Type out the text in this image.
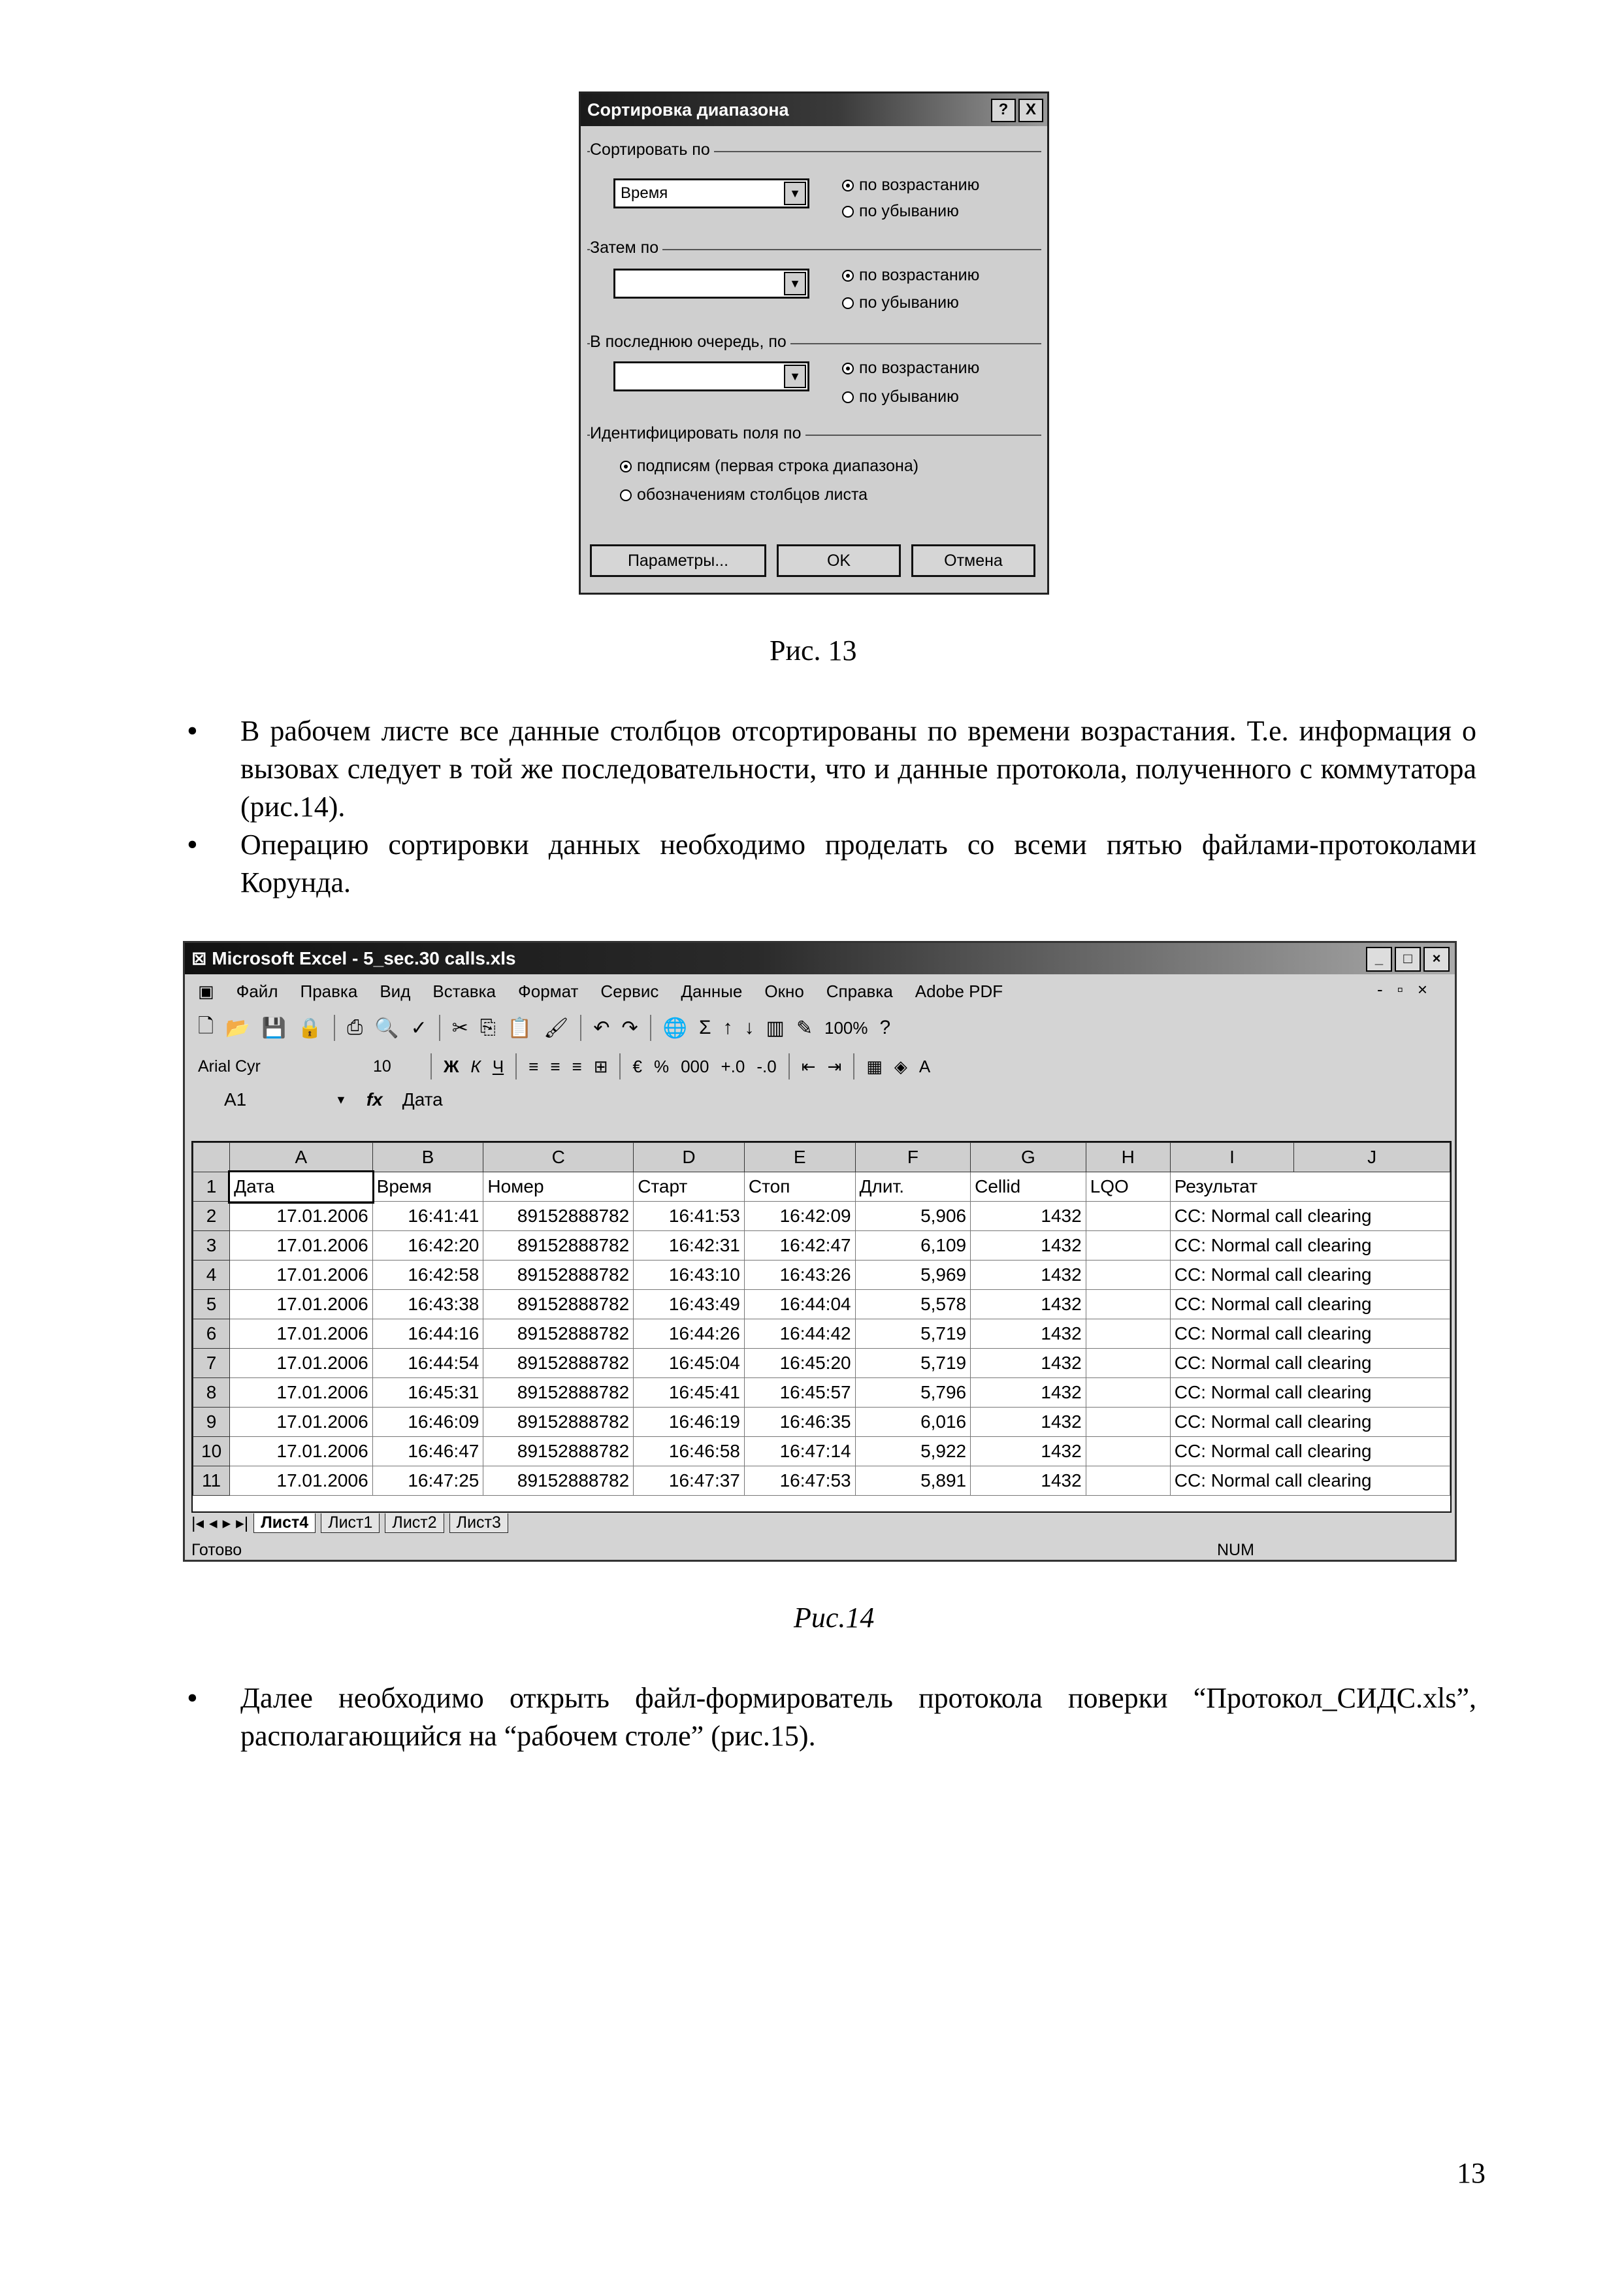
Сортировка диапазона	?	X
Сортировать по
Время	▼	по возрастанию
по убыванию
Затем по
▼	по возрастанию
по убыванию
В последнюю очередь, по
▼	по возрастанию
по убыванию
Идентифицировать поля по
подписям (первая строка диапазона)
обозначениям столбцов листа
Параметры...	OK	Отмена
Рис. 13
• В рабочем листе все данные столбцов отсортированы по времени возрастания. Т.е. информация о вызовах следует в той же последовательности, что и данные протокола, полученного с коммутатора (рис.14).
• Операцию сортировки данных необходимо проделать со всеми пятью файлами-протоколами Корунда.
⊠ Microsoft Excel - 5_sec.30 calls.xls	_	□	×
▣ Файл Правка Вид Вставка Формат Сервис Данные Окно Справка Adobe PDF	-▫×
🗋 📂 💾 🔒 ⎙ 🔍 ✓ ✂ ⎘ 📋 🖌 ↶ ↷ 🌐 Σ ↑ ↓ ▥ ✎ 100% ?
Arial Cyr	10	Ж К Ч ≡ ≡ ≡ ⊞ € % 000 +.0 -.0 ⇤ ⇥ ▦ ◈ A
A1	▼ fx Дата
	A	B	C	D	E	F	G	H	I	J
1	Дата	Время	Номер	Старт	Стоп	Длит.	Cellid	LQO	Результат	
2	17.01.2006	16:41:41	89152888782	16:41:53	16:42:09	5,906	1432		CC: Normal call clearing	
3	17.01.2006	16:42:20	89152888782	16:42:31	16:42:47	6,109	1432		CC: Normal call clearing	
4	17.01.2006	16:42:58	89152888782	16:43:10	16:43:26	5,969	1432		CC: Normal call clearing	
5	17.01.2006	16:43:38	89152888782	16:43:49	16:44:04	5,578	1432		CC: Normal call clearing	
6	17.01.2006	16:44:16	89152888782	16:44:26	16:44:42	5,719	1432		CC: Normal call clearing	
7	17.01.2006	16:44:54	89152888782	16:45:04	16:45:20	5,719	1432		CC: Normal call clearing	
8	17.01.2006	16:45:31	89152888782	16:45:41	16:45:57	5,796	1432		CC: Normal call clearing	
9	17.01.2006	16:46:09	89152888782	16:46:19	16:46:35	6,016	1432		CC: Normal call clearing	
10	17.01.2006	16:46:47	89152888782	16:46:58	16:47:14	5,922	1432		CC: Normal call clearing	
11	17.01.2006	16:47:25	89152888782	16:47:37	16:47:53	5,891	1432		CC: Normal call clearing	
|◂ ◂ ▸ ▸| Лист4	Лист1	Лист2	Лист3
Готово	NUM
Рис.14
• Далее необходимо открыть файл-формирователь протокола поверки “Протокол_СИДС.xls”, располагающийся на “рабочем столе” (рис.15).
13
